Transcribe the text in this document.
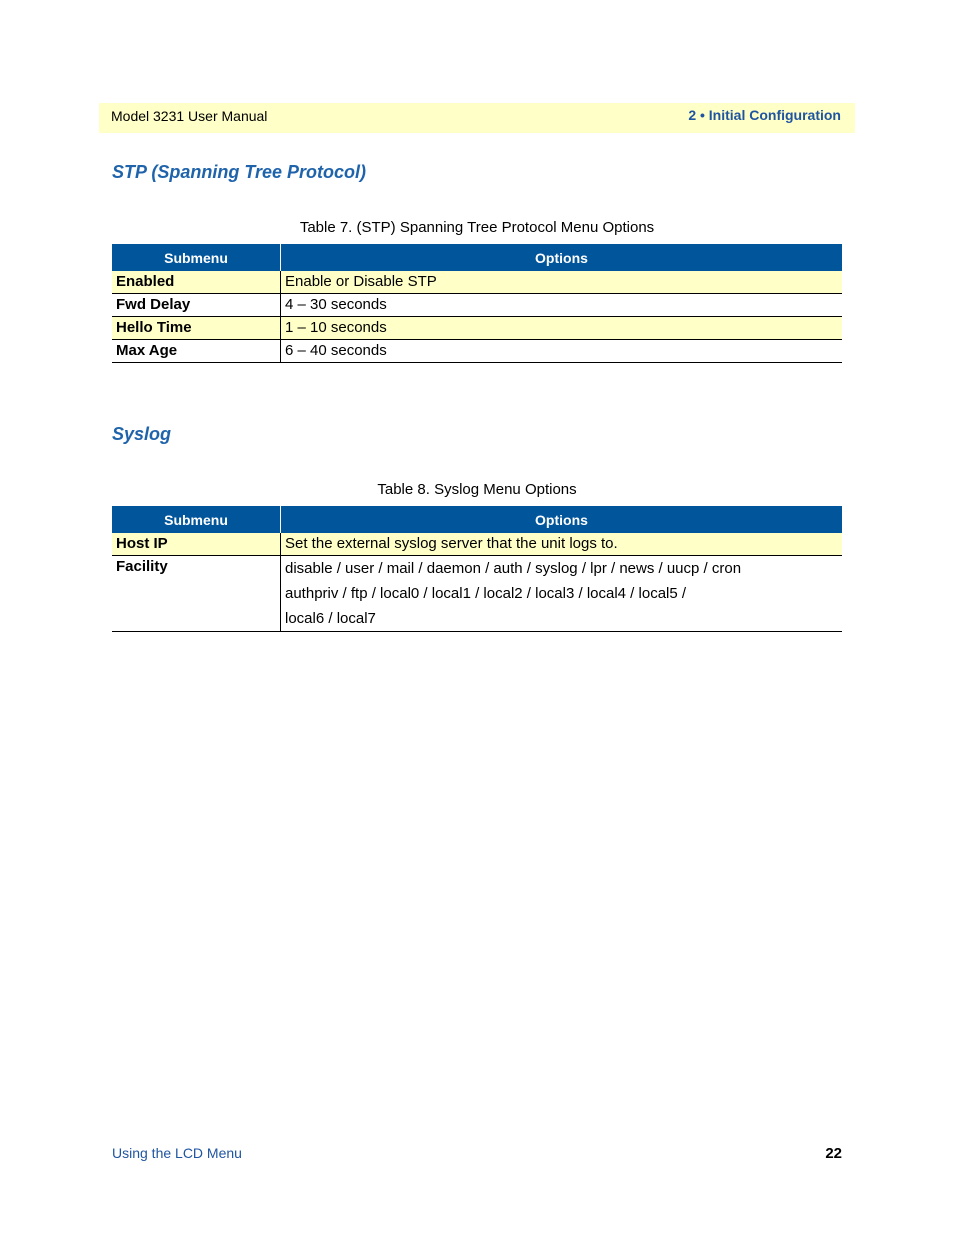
Model 3231 User Manual	2 • Initial Configuration
STP (Spanning Tree Protocol)
Table 7. (STP) Spanning Tree Protocol Menu Options
Submenu	Options
Enabled	Enable or Disable STP
Fwd Delay	4 – 30 seconds
Hello Time	1 – 10 seconds
Max Age	6 – 40 seconds
Syslog
Table 8. Syslog Menu Options
Submenu	Options
Host IP	Set the external syslog server that the unit logs to.
Facility	disable / user / mail / daemon / auth / syslog / lpr / news / uucp / cron
authpriv / ftp / local0 / local1 / local2 / local3 / local4 / local5 /
local6 / local7
Using the LCD Menu	22
